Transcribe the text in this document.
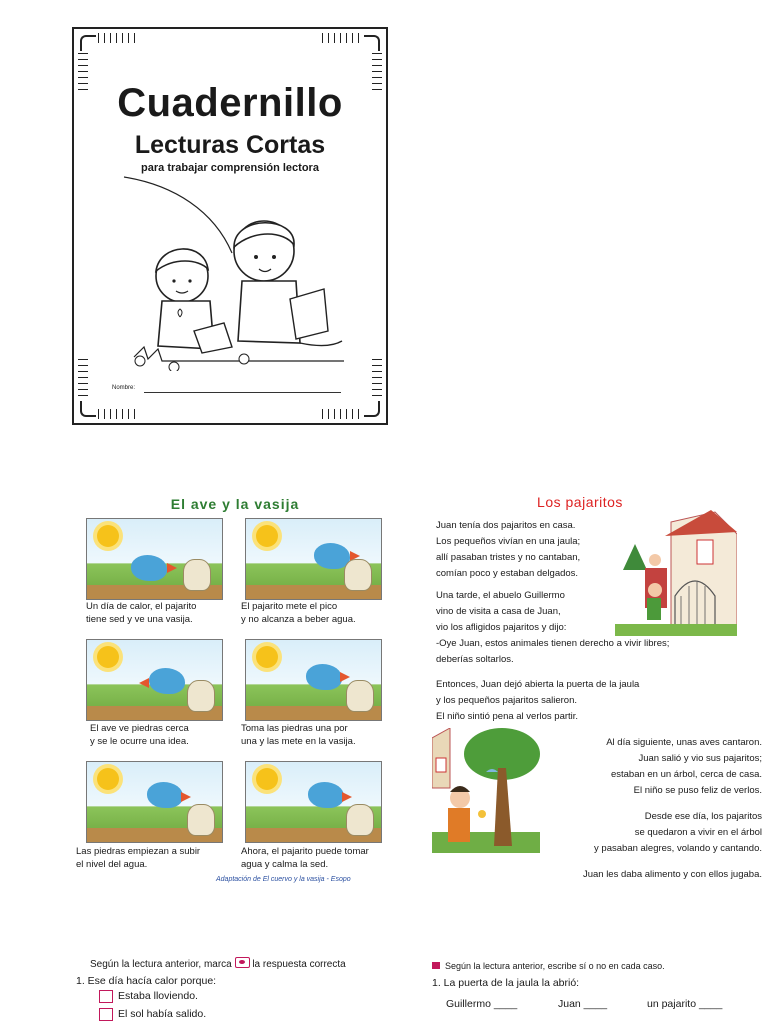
Cuadernillo
Lecturas Cortas
para trabajar comprensión lectora
Nombre:
El ave y la vasija
Un día de calor, el pajarito
tiene sed y ve una vasija.
El pajarito mete el pico
y no alcanza a beber agua.
El ave ve piedras cerca
y se le ocurre una idea.
Toma las piedras una por
una y las mete en la vasija.
Las piedras empiezan a subir
el nivel del agua.
Ahora, el pajarito puede tomar
agua y calma la sed.
Adaptación de El cuervo y la vasija - Esopo
Los pajaritos
Juan tenía dos pajaritos en casa.
Los pequeños vivían en una jaula;
allí pasaban tristes y no cantaban,
comían poco y estaban delgados.
Una tarde, el abuelo Guillermo
vino de visita a casa de Juan,
vio los afligidos pajaritos y dijo:
-Oye Juan, estos animales tienen derecho a vivir libres;
deberías soltarlos.
Entonces, Juan dejó abierta la puerta de la jaula
y los pequeños pajaritos salieron.
El niño sintió pena al verlos partir.
Al día siguiente, unas aves cantaron.
Juan salió y vio sus pajaritos;
estaban en un árbol, cerca de casa.
El niño se puso feliz de verlos.
Desde ese día, los pajaritos
se quedaron a vivir en el árbol
y pasaban alegres, volando y cantando.
Juan les daba alimento y con ellos jugaba.
Según la lectura anterior, marca la respuesta correcta
1. Ese día hacía calor porque:
Estaba lloviendo.
El sol había salido.
Según la lectura anterior, escribe sí o no en cada caso.
1. La puerta de la jaula la abrió:
Guillermo ____	Juan ____	un pajarito ____
